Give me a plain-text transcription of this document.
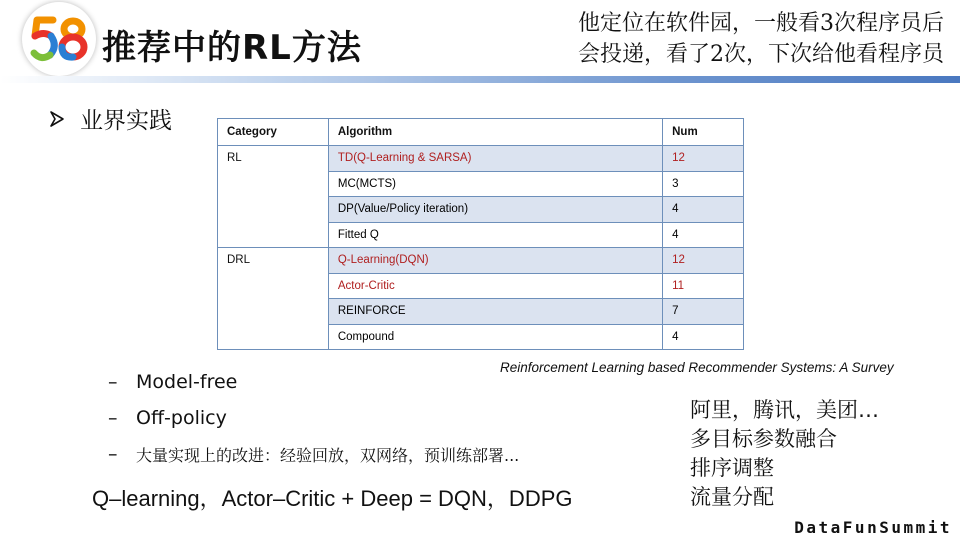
推荐中的RL方法
他定位在软件园，一般看3次程序员后
会投递，看了2次，下次给他看程序员
业界实践	Category	Algorithm	Num
RL	TD(Q-Learning & SARSA)	12
	MC(MCTS)	3
	DP(Value/Policy iteration)	4
	Fitted Q	4
DRL	Q-Learning(DQN)	12
	Actor-Critic	11
	REINFORCE	7
	Compound	4
Reinforcement Learning based Recommender Systems: A Survey
– Model-free
– Off-policy
–	大量实现上的改进：经验回放，双网络，预训练部署...
Q–learning，Actor–Critic + Deep = DQN，DDPG
阿里，腾讯，美团…
多目标参数融合
排序调整
流量分配
DataFunSummit
